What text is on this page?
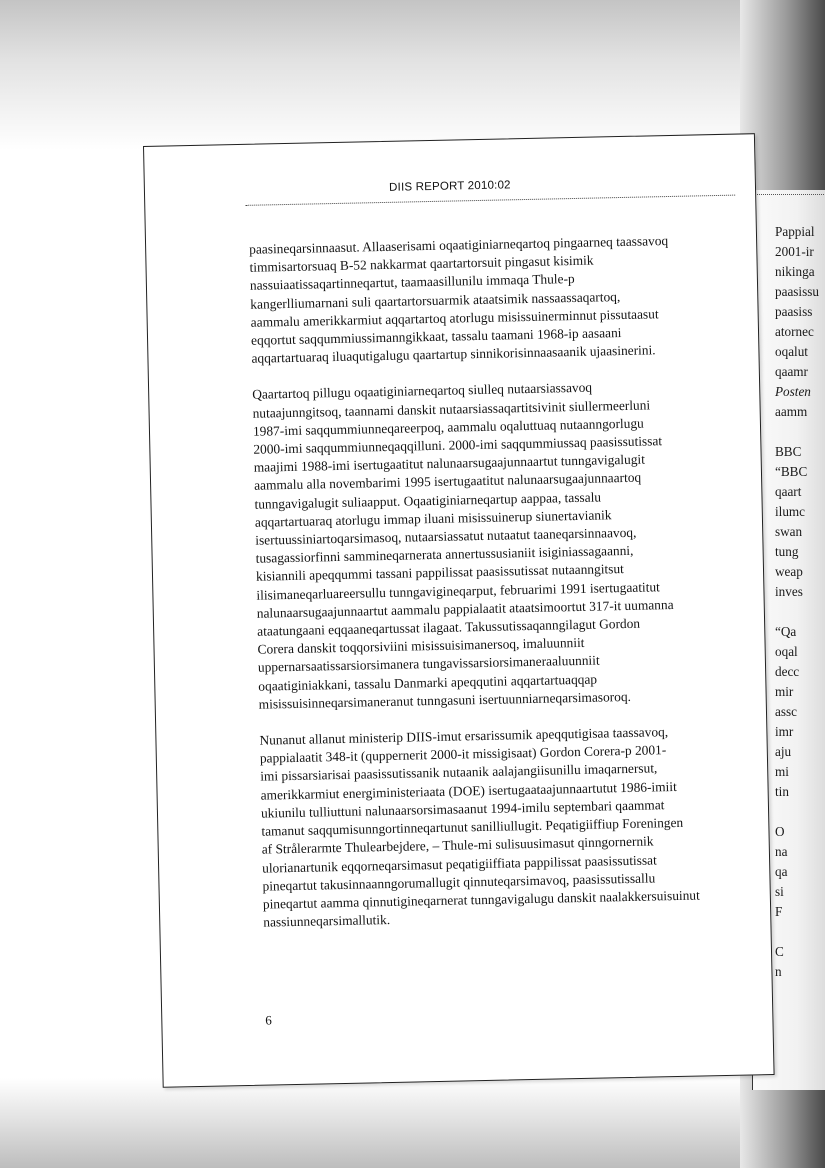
Pappial
2001-ir
nikinga
paasissu
paasiss
atornec
oqalut
qaamr
Posten
aamm
BBC
“BBC
qaart
ilumc
swan
tung
weap
inves
“Qa
oqal
decc
mir
assc
imr
aju
mi
tin
O
na
qa
si
F
C
n
DIIS REPORT 2010:02
paasineqarsinnaasut. Allaaserisami oqaatiginiarneqartoq pingaarneq taassavoq
timmisartorsuaq B-52 nakkarmat qaartartorsuit pingasut kisimik
nassuiaatissaqartinneqartut, taamaasillunilu immaqa Thule-p
kangerlliumarnani suli qaartartorsuarmik ataatsimik nassaassaqartoq,
aammalu amerikkarmiut aqqartartoq atorlugu misissuinerminnut pissutaasut
eqqortut saqqummiussimanngikkaat, tassalu taamani 1968-ip aasaani
aqqartartuaraq iluaqutigalugu qaartartup sinnikorisinnaasaanik ujaasinerini.
Qaartartoq pillugu oqaatiginiarneqartoq siulleq nutaarsiassavoq
nutaajunngitsoq, taannami danskit nutaarsiassaqartitsivinit siullermeerluni
1987-imi saqqummiunneqareerpoq, aammalu oqaluttuaq nutaanngorlugu
2000-imi saqqummiunneqaqqilluni. 2000-imi saqqummiussaq paasissutissat
maajimi 1988-imi isertugaatitut nalunaarsugaajunnaartut tunngavigalugit
aammalu alla novembarimi 1995 isertugaatitut nalunaarsugaajunnaartoq
tunngavigalugit suliaapput. Oqaatiginiarneqartup aappaa, tassalu
aqqartartuaraq atorlugu immap iluani misissuinerup siunertavianik
isertuussiniartoqarsimasoq, nutaarsiassatut nutaatut taaneqarsinnaavoq,
tusagassiorfinni sammineqarnerata annertussusianiit isiginiassagaanni,
kisiannili apeqqummi tassani pappilissat paasissutissat nutaanngitsut
ilisimaneqarluareersullu tunngavigineqarput, februarimi 1991 isertugaatitut
nalunaarsugaajunnaartut aammalu pappialaatit ataatsimoortut 317-it uumanna
ataatungaani eqqaaneqartussat ilagaat. Takussutissaqanngilagut Gordon
Corera danskit toqqorsiviini misissuisimanersoq, imaluunniit
uppernarsaatissarsiorsimanera tungavissarsiorsimaneraaluunniit
oqaatiginiakkani, tassalu Danmarki apeqqutini aqqartartuaqqap
misissuisinneqarsimaneranut tunngasuni isertuunniarneqarsimasoroq.
Nunanut allanut ministerip DIIS-imut ersarissumik apeqqutigisaa taassavoq,
pappialaatit 348-it (quppernerit 2000-it missigisaat) Gordon Corera-p 2001-
imi pissarsiarisai paasissutissanik nutaanik aalajangiisunillu imaqarnersut,
amerikkarmiut energiministeriaata (DOE) isertugaataajunnaartutut 1986-imiit
ukiunilu tulliuttuni nalunaarsorsimasaanut 1994-imilu septembari qaammat
tamanut saqqumisunngortinneqartunut sanilliullugit. Peqatigiiffiup Foreningen
af Strålerarmte Thulearbejdere, – Thule-mi sulisuusimasut qinngornernik
ulorianartunik eqqorneqarsimasut peqatigiiffiata pappilissat paasissutissat
pineqartut takusinnaanngorumallugit qinnuteqarsimavoq, paasissutissallu
pineqartut aamma qinnutigineqarnerat tunngavigalugu danskit naalakkersuisuinut
nassiunneqarsimallutik.
6
